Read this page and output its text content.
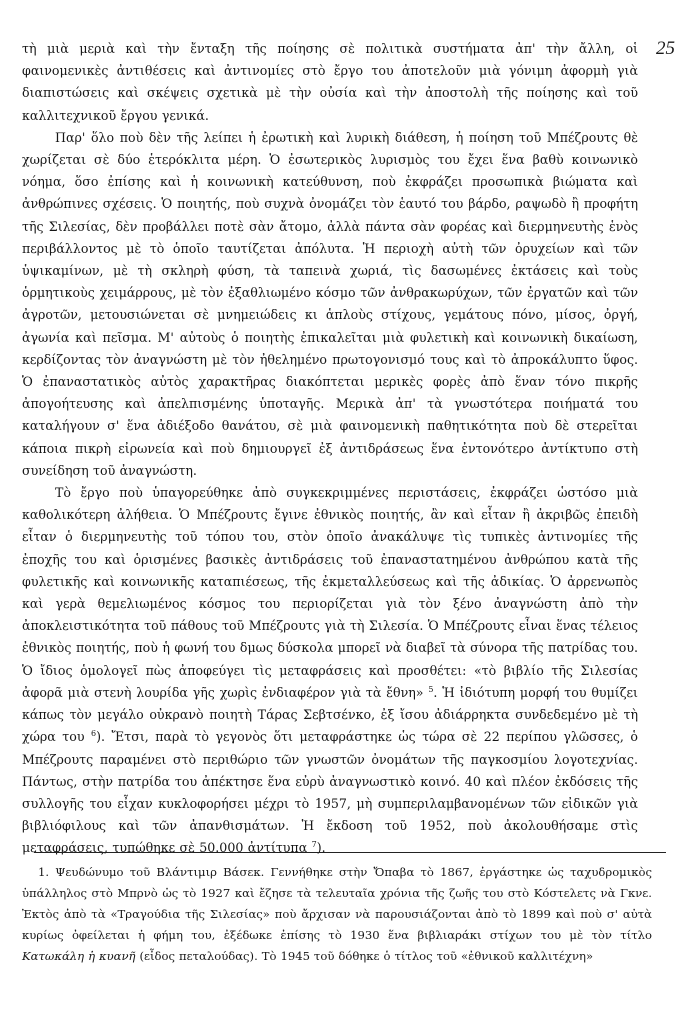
25

τὴ μιὰ μεριὰ καὶ τὴν ἔνταξη τῆς ποίησης σὲ πολιτικὰ συστήματα ἀπ' τὴν ἄλλη, οἱ φαινομενικὲς ἀντιθέσεις καὶ ἀντινομίες στὸ ἔργο του ἀποτελοῦν μιὰ γόνιμη ἀφορμὴ γιὰ διαπιστώσεις καὶ σκέψεις σχετικὰ μὲ τὴν οὐσία καὶ τὴν ἀποστολὴ τῆς ποίησης καὶ τοῦ καλλιτεχνικοῦ ἔργου γενικά.

Παρ' ὅλο ποὺ δὲν τῆς λείπει ἡ ἐρωτικὴ καὶ λυρικὴ διάθεση, ἡ ποίηση τοῦ Μπέζρουτς θὲ χωρίζεται σὲ δύο ἑτερόκλιτα μέρη. Ὁ ἐσωτερικὸς λυρισμὸς του ἔχει ἕνα βαθὺ κοινωνικὸ νόημα, ὅσο ἐπίσης καὶ ἡ κοινωνικὴ κατεύθυνση, ποὺ ἐκφράζει προσωπικὰ βιώματα καὶ ἀνθρώπινες σχέσεις. Ὁ ποιητής, ποὺ συχνὰ ὀνομάζει τὸν ἑαυτό του βάρδο, ραψωδὸ ἢ προφήτη τῆς Σιλεσίας, δὲν προβάλλει ποτὲ σὰν ἄτομο, ἀλλὰ πάντα σὰν φορέας καὶ διερμηνευτὴς ἑνὸς περιβάλλοντος μὲ τὸ ὁποῖο ταυτίζεται ἀπόλυτα. Ἡ περιοχὴ αὐτὴ τῶν ὀρυχείων καὶ τῶν ὑψικαμίνων, μὲ τὴ σκληρὴ φύση, τὰ ταπεινὰ χωριά, τὶς δασωμένες ἐκτάσεις καὶ τοὺς ὁρμητικοὺς χειμάρρους, μὲ τὸν ἐξαθλιωμένο κόσμο τῶν ἀνθρακωρύχων, τῶν ἐργατῶν καὶ τῶν ἀγροτῶν, μετουσιώνεται σὲ μνημειώδεις κι ἁπλοὺς στίχους, γεμάτους πόνο, μίσος, ὀργή, ἀγωνία καὶ πεῖσμα. Μ' αὐτοὺς ὁ ποιητὴς ἐπικαλεῖται μιὰ φυλετικὴ καὶ κοινωνικὴ δικαίωση, κερδίζοντας τὸν ἀναγνώστη μὲ τὸν ἠθελημένο πρωτογονισμό τους καὶ τὸ ἀπροκάλυπτο ὕφος. Ὁ ἐπαναστατικὸς αὐτὸς χαρακτῆρας διακόπτεται μερικὲς φορὲς ἀπὸ ἕναν τόνο πικρῆς ἀπογοήτευσης καὶ ἀπελπισμένης ὑποταγῆς. Μερικὰ ἀπ' τὰ γνωστότερα ποιήματά του καταλήγουν σ' ἕνα ἀδιέξοδο θανάτου, σὲ μιὰ φαινομενικὴ παθητικότητα ποὺ δὲ στερεῖται κάποια πικρὴ εἰρωνεία καὶ ποὺ δημιουργεῖ ἐξ ἀντιδράσεως ἕνα ἐντονότερο ἀντίκτυπο στὴ συνείδηση τοῦ ἀναγνώστη.

Τὸ ἔργο ποὺ ὑπαγορεύθηκε ἀπὸ συγκεκριμμένες περιστάσεις, ἐκφράζει ὡστόσο μιὰ καθολικότερη ἀλήθεια. Ὁ Μπέζρουτς ἔγινε ἐθνικὸς ποιητής, ἂν καὶ εἶταν ἢ ἀκριβῶς ἐπειδὴ εἶταν ὁ διερμηνευτὴς τοῦ τόπου του, στὸν ὁποῖο ἀνακάλυψε τὶς τυπικὲς ἀντινομίες τῆς ἐποχῆς του καὶ ὁρισμένες βασικὲς ἀντιδράσεις τοῦ ἐπαναστατημένου ἀνθρώπου κατὰ τῆς φυλετικῆς καὶ κοινωνικῆς καταπιέσεως, τῆς ἐκμεταλλεύσεως καὶ τῆς ἀδικίας. Ὁ ἀρρενωπὸς καὶ γερὰ θεμελιωμένος κόσμος του περιορίζεται γιὰ τὸν ξένο ἀναγνώστη ἀπὸ τὴν ἀποκλειστικότητα τοῦ πάθους τοῦ Μπέζρουτς γιὰ τὴ Σιλεσία. Ὁ Μπέζρουτς εἶναι ἕνας τέλειος ἐθνικὸς ποιητής, ποὺ ἡ φωνή του δμως δύσκολα μπορεῖ νὰ διαβεῖ τὰ σύνορα τῆς πατρίδας του. Ὁ ἴδιος ὁμολογεῖ πὼς ἀποφεύγει τὶς μεταφράσεις καὶ προσθέτει: «τὸ βιβλίο τῆς Σιλεσίας ἀφορᾶ μιὰ στενὴ λουρίδα γῆς χωρὶς ἐνδιαφέρον γιὰ τὰ ἔθνη» $^5$. Ἡ ἰδιότυπη μορφή του θυμίζει κάπως τὸν μεγάλο οὐκρανὸ ποιητὴ Τάρας Σεβτσένκο, ἐξ ἴσου ἀδιάρρηκτα συνδεδεμένο μὲ τὴ χώρα του $^6$). Ἔτσι, παρὰ τὸ γεγονὸς ὅτι μεταφράστηκε ὡς τώρα σὲ 22 περίπου γλῶσσες, ὁ Μπέζρουτς παραμένει στὸ περιθώριο τῶν γνωστῶν ὀνομάτων τῆς παγκοσμίου λογοτεχνίας. Πάντως, στὴν πατρίδα του ἀπέκτησε ἕνα εὐρὺ ἀναγνωστικὸ κοινό. 40 καὶ πλέον ἐκδόσεις τῆς συλλογῆς του εἶχαν κυκλοφορήσει μέχρι τὸ 1957, μὴ συμπεριλαμβανομένων τῶν εἰδικῶν γιὰ βιβλιόφιλους καὶ τῶν ἀπανθισμάτων. Ἡ ἔκδοση τοῦ 1952, ποὺ ἀκολουθήσαμε στὶς μεταφράσεις, τυπώθηκε σὲ 50.000 ἀντίτυπα $^7$).

1. Ψευδώνυμο τοῦ Βλάντιμιρ Βάσεκ. Γεννήθηκε στὴν Ὄπαβα τὸ 1867, ἐργάστηκε ὡς ταχυδρομικὸς ὑπάλληλος στὸ Μπρνὸ ὡς τὸ 1927 καὶ ἔζησε τὰ τελευταῖα χρόνια τῆς ζωῆς του στὸ Κόστελετς νὰ Γκνε. Ἐκτὸς ἀπὸ τὰ «Τραγούδια τῆς Σιλεσίας» ποὺ ἄρχισαν νὰ παρουσιάζονται ἀπὸ τὸ 1899 καὶ ποὺ σ' αὐτὰ κυρίως ὀφείλεται ἡ φήμη του, ἐξέδωκε ἐπίσης τὸ 1930 ἕνα βιβλιαράκι στίχων του μὲ τὸν τίτλο Κατωκάλη ἡ κυανῆ (εἶδος πεταλούδας). Τὸ 1945 τοῦ δόθηκε ὁ τίτλος τοῦ «ἐθνικοῦ καλλιτέχνη»
